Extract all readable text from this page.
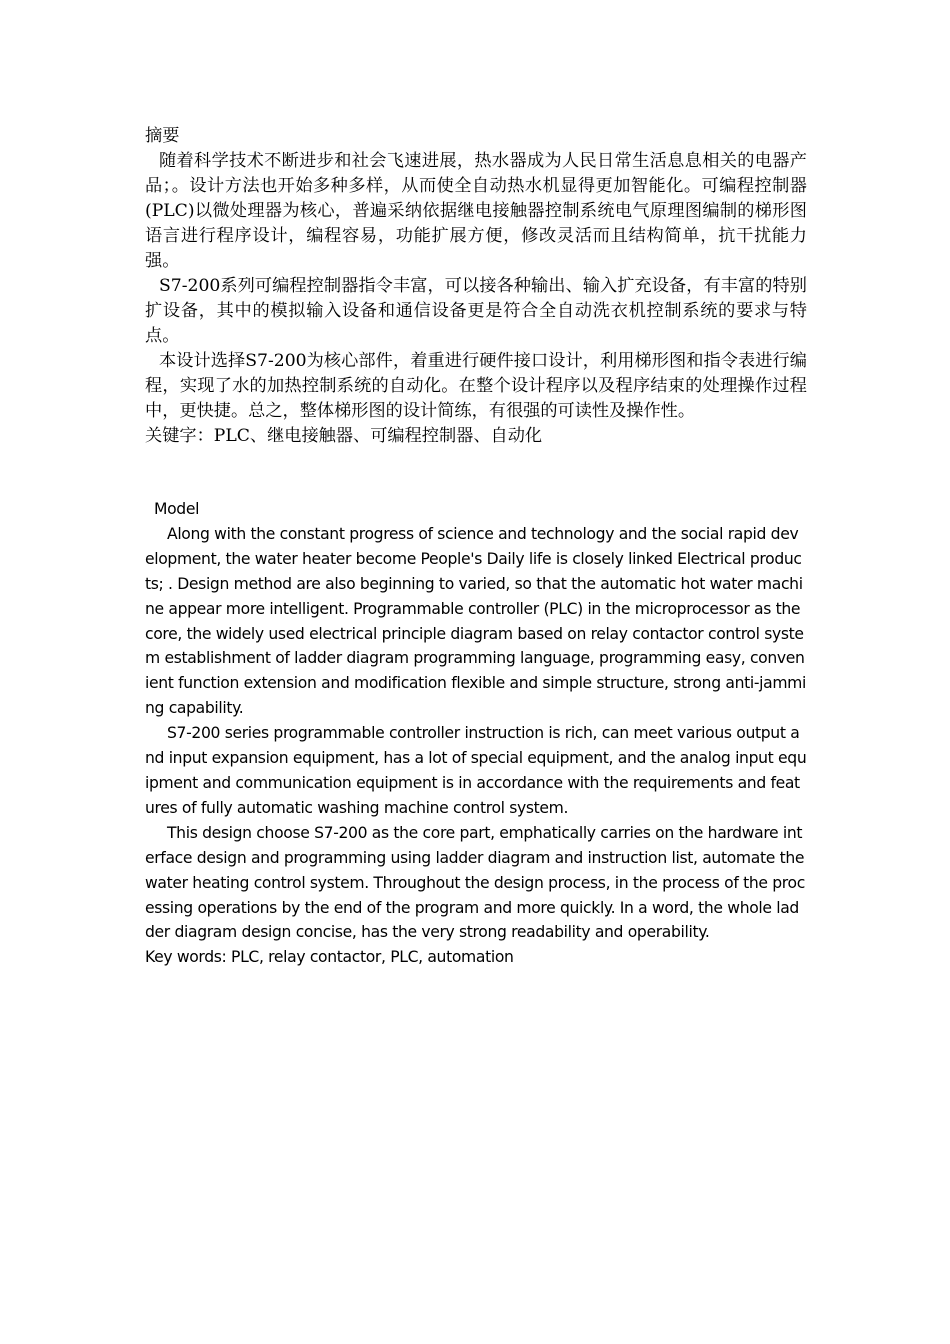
摘要

随着科学技术不断进步和社会飞速进展，热水器成为人民日常生活息息相关的电器产品；。设计方法也开始多种多样，从而使全自动热水机显得更加智能化。可编程控制器(PLC)以微处理器为核心，普遍采纳依据继电接触器控制系统电气原理图编制的梯形图语言进行程序设计，编程容易，功能扩展方便，修改灵活而且结构简单，抗干扰能力强。

S7-200系列可编程控制器指令丰富，可以接各种输出、输入扩充设备，有丰富的特别扩设备，其中的模拟输入设备和通信设备更是符合全自动洗衣机控制系统的要求与特点。

本设计选择S7-200为核心部件，着重进行硬件接口设计，利用梯形图和指令表进行编程，实现了水的加热控制系统的自动化。在整个设计程序以及程序结束的处理操作过程中，更快捷。总之，整体梯形图的设计简练，有很强的可读性及操作性。

关键字：PLC、继电接触器、可编程控制器、自动化

Model

Along with the constant progress of science and technology and the social rapid development, the water heater become People's Daily life is closely linked Electrical products; . Design method are also beginning to varied, so that the automatic hot water machine appear more intelligent. Programmable controller (PLC) in the microprocessor as the core, the widely used electrical principle diagram based on relay contactor control system establishment of ladder diagram programming language, programming easy, convenient function extension and modification flexible and simple structure, strong anti-jamming capability.

S7-200 series programmable controller instruction is rich, can meet various output and input expansion equipment, has a lot of special equipment, and the analog input equipment and communication equipment is in accordance with the requirements and features of fully automatic washing machine control system.

This design choose S7-200 as the core part, emphatically carries on the hardware interface design and programming using ladder diagram and instruction list, automate the water heating control system. Throughout the design process, in the process of the processing operations by the end of the program and more quickly. In a word, the whole ladder diagram design concise, has the very strong readability and operability.

Key words: PLC, relay contactor, PLC, automation
